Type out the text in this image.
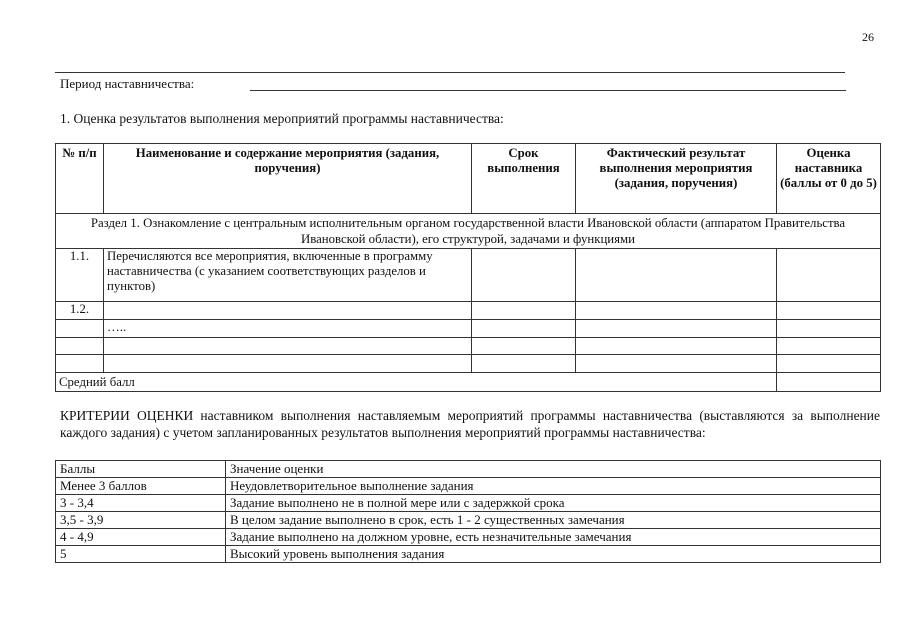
26
Период наставничества:
1. Оценка результатов выполнения мероприятий программы наставничества:
№ п/п	Наименование и содержание мероприятия (задания, поручения)	Срок выполнения	Фактический результат выполнения мероприятия (задания, поручения)	Оценка наставника (баллы от 0 до 5)
Раздел 1. Ознакомление с центральным исполнительным органом государственной власти Ивановской области (аппаратом Правительства Ивановской области), его структурой, задачами и функциями				
1.1.	Перечисляются все мероприятия, включенные в программу наставничества (с указанием соответствующих разделов и пунктов)			
1.2.				
	…..			

Средний балл				
КРИТЕРИИ ОЦЕНКИ наставником выполнения наставляемым мероприятий программы наставничества (выставляются за выполнение каждого задания) с учетом запланированных результатов выполнения мероприятий программы наставничества:
Баллы	Значение оценки
Менее 3 баллов	Неудовлетворительное выполнение задания
3 - 3,4	Задание выполнено не в полной мере или с задержкой срока
3,5 - 3,9	В целом задание выполнено в срок, есть 1 - 2 существенных замечания
4 - 4,9	Задание выполнено на должном уровне, есть незначительные замечания
5	Высокий уровень выполнения задания
